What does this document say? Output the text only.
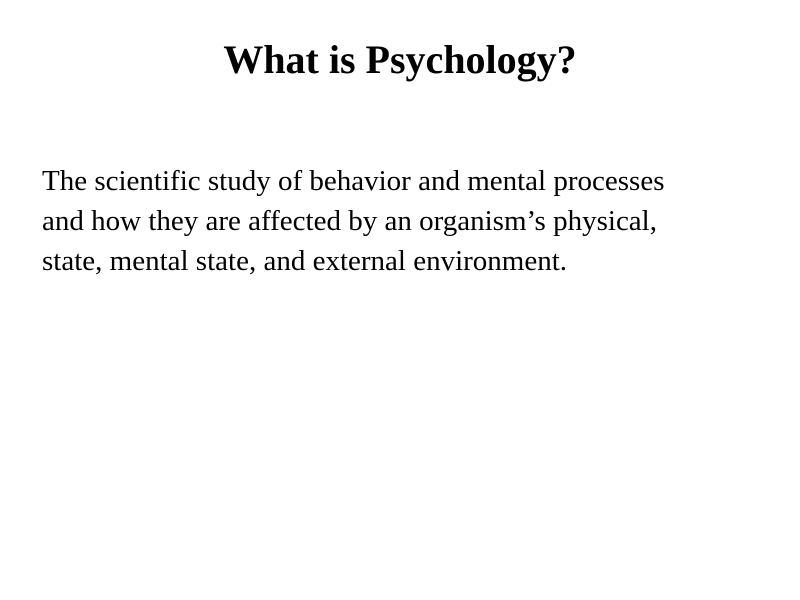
What is Psychology?

The scientific study of behavior and mental processes
and how they are affected by an organism’s physical,
state, mental state, and external environment.
